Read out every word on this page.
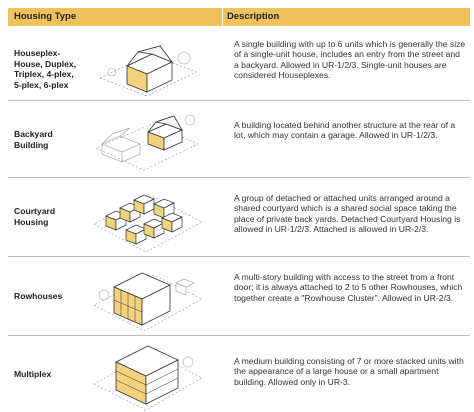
Housing Type	Description
Houseplex-
House, Duplex,
Triplex, 4-plex,
5-plex, 6-plex
A single building with up to 6 units which is generally the size of a single-unit house, includes an entry from the street and a backyard. Allowed in UR-1/2/3. Single-unit houses are considered Houseplexes.
Backyard
Building
A building located behind another structure at the rear of a lot, which may contain a garage. Allowed in UR-1/2/3.
Courtyard
Housing
A group of detached or attached units arranged around a shared courtyard which is a shared social space taking the place of private back yards. Detached Courtyard Housing is allowed in UR-1/2/3. Attached is allowed in UR-2/3.
Rowhouses
A multi-story building with access to the street from a front door; it is always attached to 2 to 5 other Rowhouses, which together create a "Rowhouse Cluster". Allowed in UR-2/3.
Multiplex
A medium building consisting of 7 or more stacked units with the appearance of a large house or a small apartment building. Allowed only in UR-3.
